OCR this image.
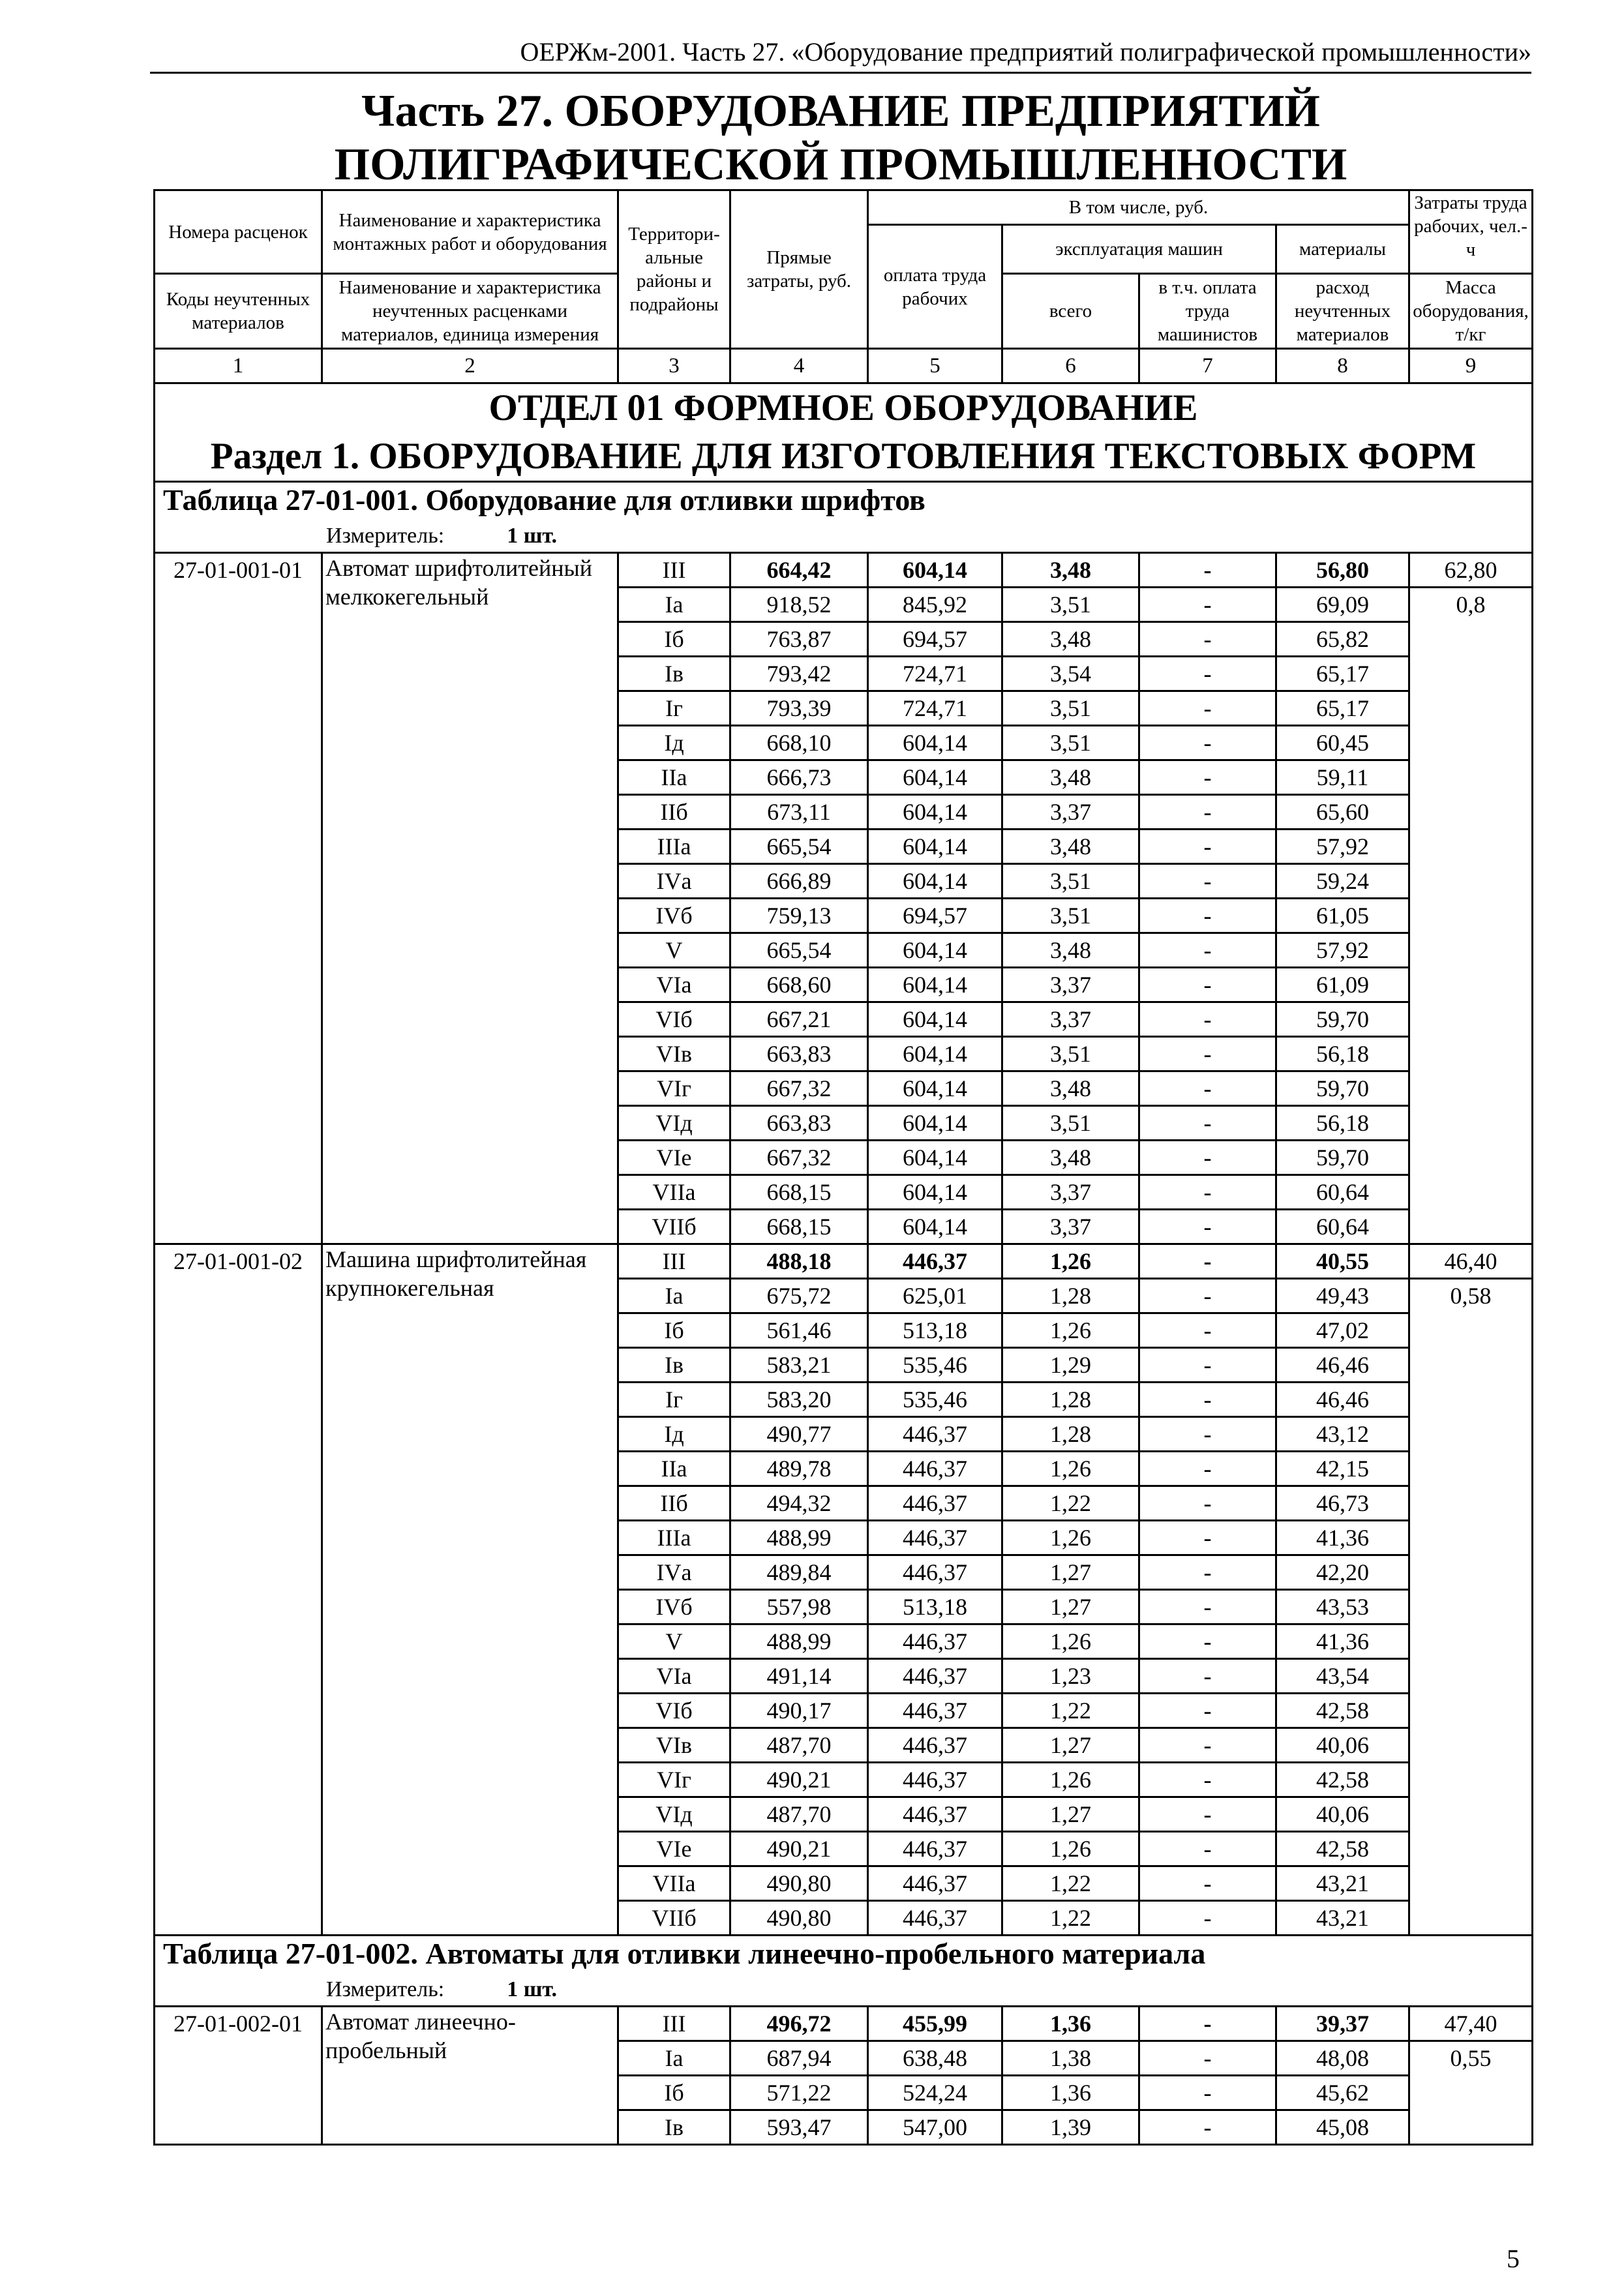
ОЕРЖм-2001. Часть 27. «Оборудование предприятий полиграфической промышленности»
Часть 27. ОБОРУДОВАНИЕ ПРЕДПРИЯТИЙ
ПОЛИГРАФИЧЕСКОЙ ПРОМЫШЛЕННОСТИ
Номера расценок	Наименование и характеристика монтажных работ и оборудования	Территориальные районы и подрайоны	Прямые затраты, руб.	В том числе, руб.				Затраты труда рабочих, чел.-ч
				оплата труда рабочих	эксплуатация машин		материалы	
Коды неучтенных материалов	Наименование и характеристика неучтенных расценками материалов, единица измерения				всего	в т.ч. оплата труда машинистов	расход неучтенных материалов	
								Масса оборудования, т/кг
1	2	3	4	5	6	7	8	9

ОТДЕЛ 01 ФОРМНОЕ ОБОРУДОВАНИЕ
Раздел 1. ОБОРУДОВАНИЕ ДЛЯ ИЗГОТОВЛЕНИЯ ТЕКСТОВЫХ ФОРМ								

Таблица 27-01-001. Оборудование для отливки шрифтов								
Измеритель: 1 шт.								
27-01-001-01	Автомат шрифтолитейный мелкокегельный	III	664,42	604,14	3,48	-	56,80	62,80
		Iа	918,52	845,92	3,51	-	69,09	0,8
		Iб	763,87	694,57	3,48	-	65,82	
		Iв	793,42	724,71	3,54	-	65,17	
		Iг	793,39	724,71	3,51	-	65,17	
		Iд	668,10	604,14	3,51	-	60,45	
		IIа	666,73	604,14	3,48	-	59,11	
		IIб	673,11	604,14	3,37	-	65,60	
		IIIа	665,54	604,14	3,48	-	57,92	
		IVа	666,89	604,14	3,51	-	59,24	
		IVб	759,13	694,57	3,51	-	61,05	
		V	665,54	604,14	3,48	-	57,92	
		VIа	668,60	604,14	3,37	-	61,09	
		VIб	667,21	604,14	3,37	-	59,70	
		VIв	663,83	604,14	3,51	-	56,18	
		VIг	667,32	604,14	3,48	-	59,70	
		VIд	663,83	604,14	3,51	-	56,18	
		VIе	667,32	604,14	3,48	-	59,70	
		VIIа	668,15	604,14	3,37	-	60,64	
		VIIб	668,15	604,14	3,37	-	60,64	
27-01-001-02	Машина шрифтолитейная крупнокегельная	III	488,18	446,37	1,26	-	40,55	46,40
		Iа	675,72	625,01	1,28	-	49,43	0,58
		Iб	561,46	513,18	1,26	-	47,02	
		Iв	583,21	535,46	1,29	-	46,46	
		Iг	583,20	535,46	1,28	-	46,46	
		Iд	490,77	446,37	1,28	-	43,12	
		IIа	489,78	446,37	1,26	-	42,15	
		IIб	494,32	446,37	1,22	-	46,73	
		IIIа	488,99	446,37	1,26	-	41,36	
		IVа	489,84	446,37	1,27	-	42,20	
		IVб	557,98	513,18	1,27	-	43,53	
		V	488,99	446,37	1,26	-	41,36	
		VIа	491,14	446,37	1,23	-	43,54	
		VIб	490,17	446,37	1,22	-	42,58	
		VIв	487,70	446,37	1,27	-	40,06	
		VIг	490,21	446,37	1,26	-	42,58	
		VIд	487,70	446,37	1,27	-	40,06	
		VIе	490,21	446,37	1,26	-	42,58	
		VIIа	490,80	446,37	1,22	-	43,21	
		VIIб	490,80	446,37	1,22	-	43,21	
Таблица 27-01-002. Автоматы для отливки линеечно-пробельного материала								
Измеритель: 1 шт.								
27-01-002-01	Автомат линеечно-пробельный	III	496,72	455,99	1,36	-	39,37	47,40
		Iа	687,94	638,48	1,38	-	48,08	0,55
		Iб	571,22	524,24	1,36	-	45,62	
		Iв	593,47	547,00	1,39	-	45,08	
5
